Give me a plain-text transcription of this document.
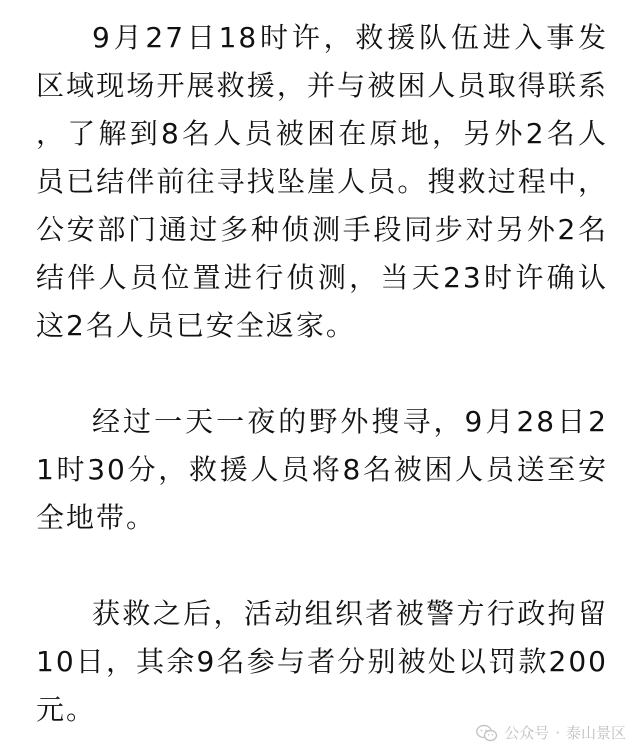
9月27日18时许，救援队伍进入事发区域现场开展救援，并与被困人员取得联系，了解到8名人员被困在原地，另外2名人员已结伴前往寻找坠崖人员。搜救过程中，公安部门通过多种侦测手段同步对另外2名结伴人员位置进行侦测，当天23时许确认这2名人员已安全返家。

经过一天一夜的野外搜寻，9月28日21时30分，救援人员将8名被困人员送至安全地带。

获救之后，活动组织者被警方行政拘留10日，其余9名参与者分别被处以罚款200元。

公众号 · 泰山景区
